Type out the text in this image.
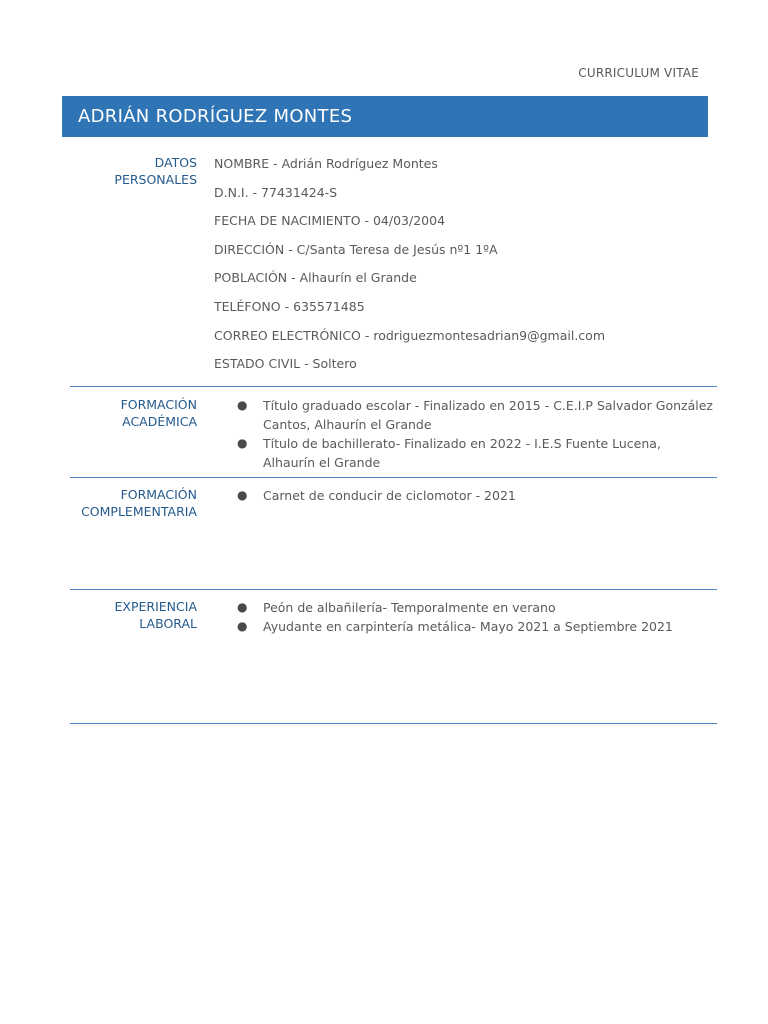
CURRICULUM VITAE
ADRIÁN RODRÍGUEZ MONTES
DATOS
PERSONALES
NOMBRE - Adrián Rodríguez Montes
D.N.I. - 77431424-S
FECHA DE NACIMIENTO - 04/03/2004
DIRECCIÓN - C/Santa Teresa de Jesús nº1 1ºA
POBLACIÓN - Alhaurín el Grande
TELÉFONO - 635571485
CORREO ELECTRÓNICO - rodriguezmontesadrian9@gmail.com
ESTADO CIVIL - Soltero
FORMACIÓN
ACADÉMICA
● Título graduado escolar - Finalizado en 2015 - C.E.I.P Salvador González Cantos, Alhaurín el Grande
● Título de bachillerato- Finalizado en 2022 - I.E.S Fuente Lucena, Alhaurín el Grande
FORMACIÓN
COMPLEMENTARIA
● Carnet de conducir de ciclomotor - 2021
EXPERIENCIA
LABORAL
● Peón de albañilería- Temporalmente en verano
● Ayudante en carpintería metálica- Mayo 2021 a Septiembre 2021
